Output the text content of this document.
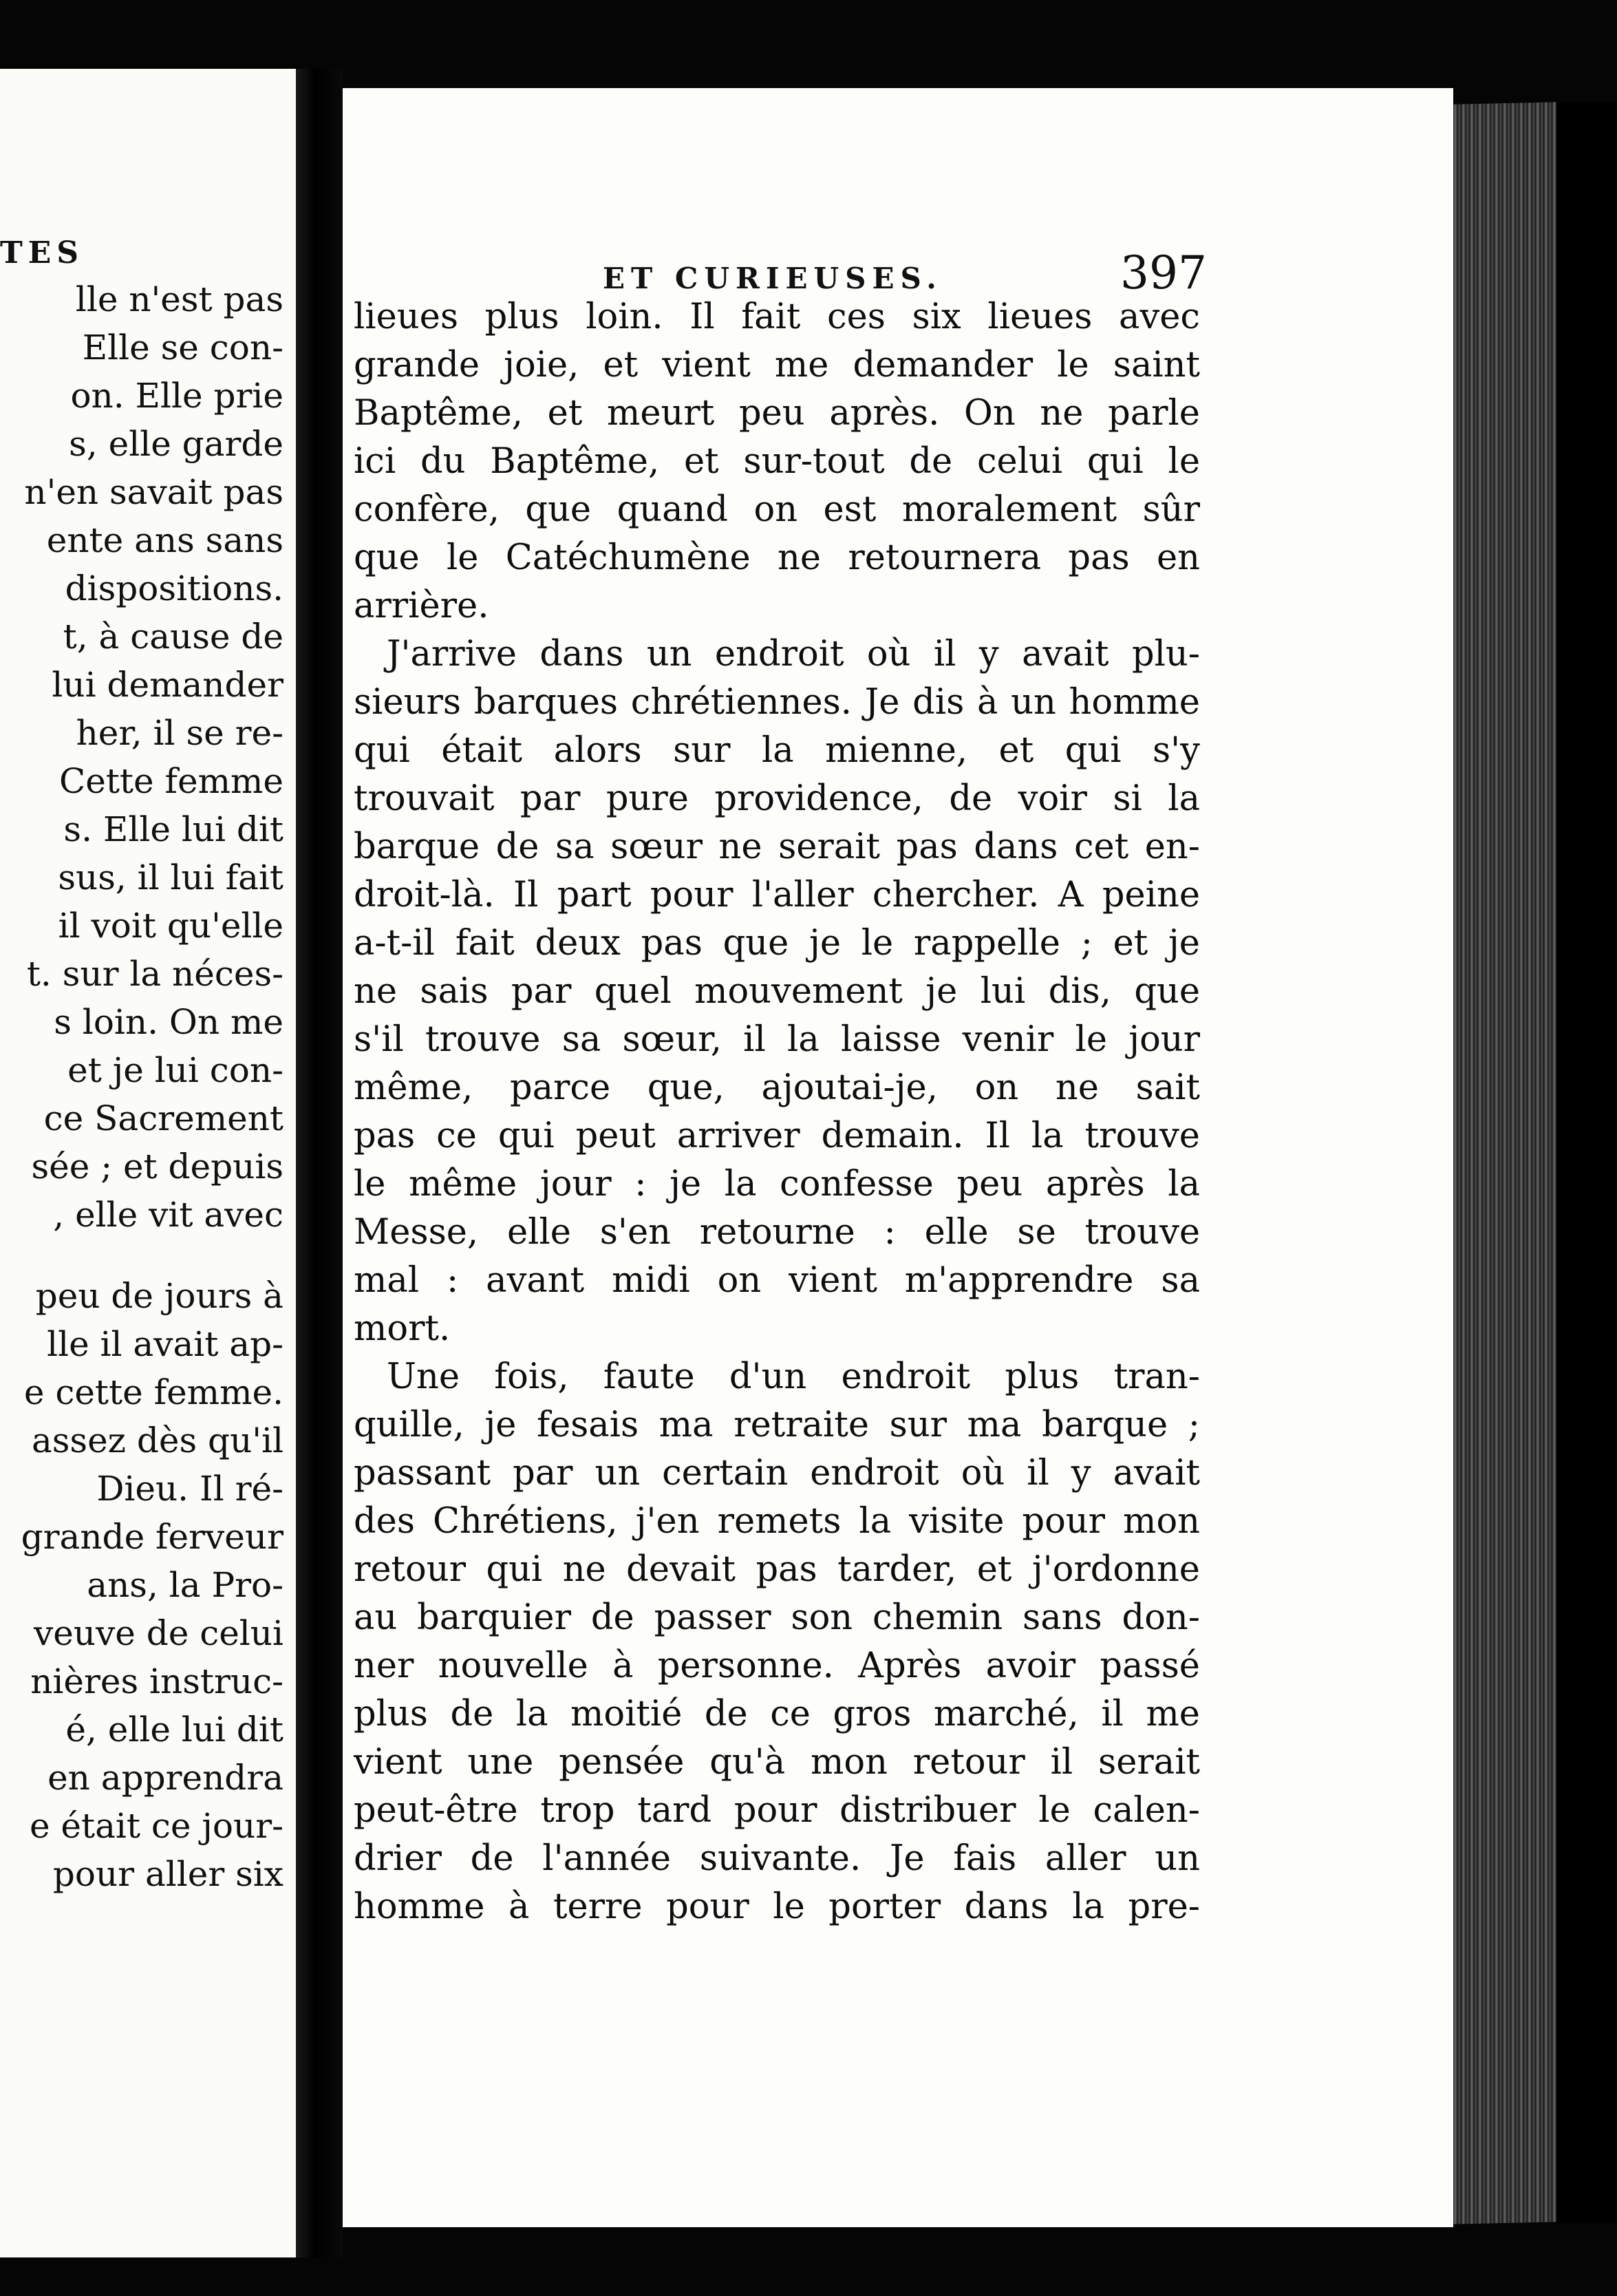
TES
lle n'est pas
Elle se con-
on. Elle prie
s, elle garde
n'en savait pas
ente ans sans
dispositions.
t, à cause de
lui demander
her, il se re-
Cette femme
s. Elle lui dit
sus, il lui fait
il voit qu'elle
t. sur la néces-
s loin. On me
et je lui con-
ce Sacrement
sée ; et depuis
, elle vit avec
peu de jours à
lle il avait ap-
e cette femme.
assez dès qu'il
Dieu. Il ré-
grande ferveur
ans, la Pro-
veuve de celui
nières instruc-
é, elle lui dit
en apprendra
e était ce jour-
pour aller six
ET CURIEUSES.	397
lieues plus loin. Il fait ces six lieues avec
grande joie, et vient me demander le saint
Baptême, et meurt peu après. On ne parle
ici du Baptême, et sur-tout de celui qui le
confère, que quand on est moralement sûr
que le Catéchumène ne retournera pas en
arrière.
J'arrive dans un endroit où il y avait plu-
sieurs barques chrétiennes. Je dis à un homme
qui était alors sur la mienne, et qui s'y
trouvait par pure providence, de voir si la
barque de sa sœur ne serait pas dans cet en-
droit-là. Il part pour l'aller chercher. A peine
a-t-il fait deux pas que je le rappelle ; et je
ne sais par quel mouvement je lui dis, que
s'il trouve sa sœur, il la laisse venir le jour
même, parce que, ajoutai-je, on ne sait
pas ce qui peut arriver demain. Il la trouve
le même jour : je la confesse peu après la
Messe, elle s'en retourne : elle se trouve
mal : avant midi on vient m'apprendre sa
mort.
Une fois, faute d'un endroit plus tran-
quille, je fesais ma retraite sur ma barque ;
passant par un certain endroit où il y avait
des Chrétiens, j'en remets la visite pour mon
retour qui ne devait pas tarder, et j'ordonne
au barquier de passer son chemin sans don-
ner nouvelle à personne. Après avoir passé
plus de la moitié de ce gros marché, il me
vient une pensée qu'à mon retour il serait
peut-être trop tard pour distribuer le calen-
drier de l'année suivante. Je fais aller un
homme à terre pour le porter dans la pre-
